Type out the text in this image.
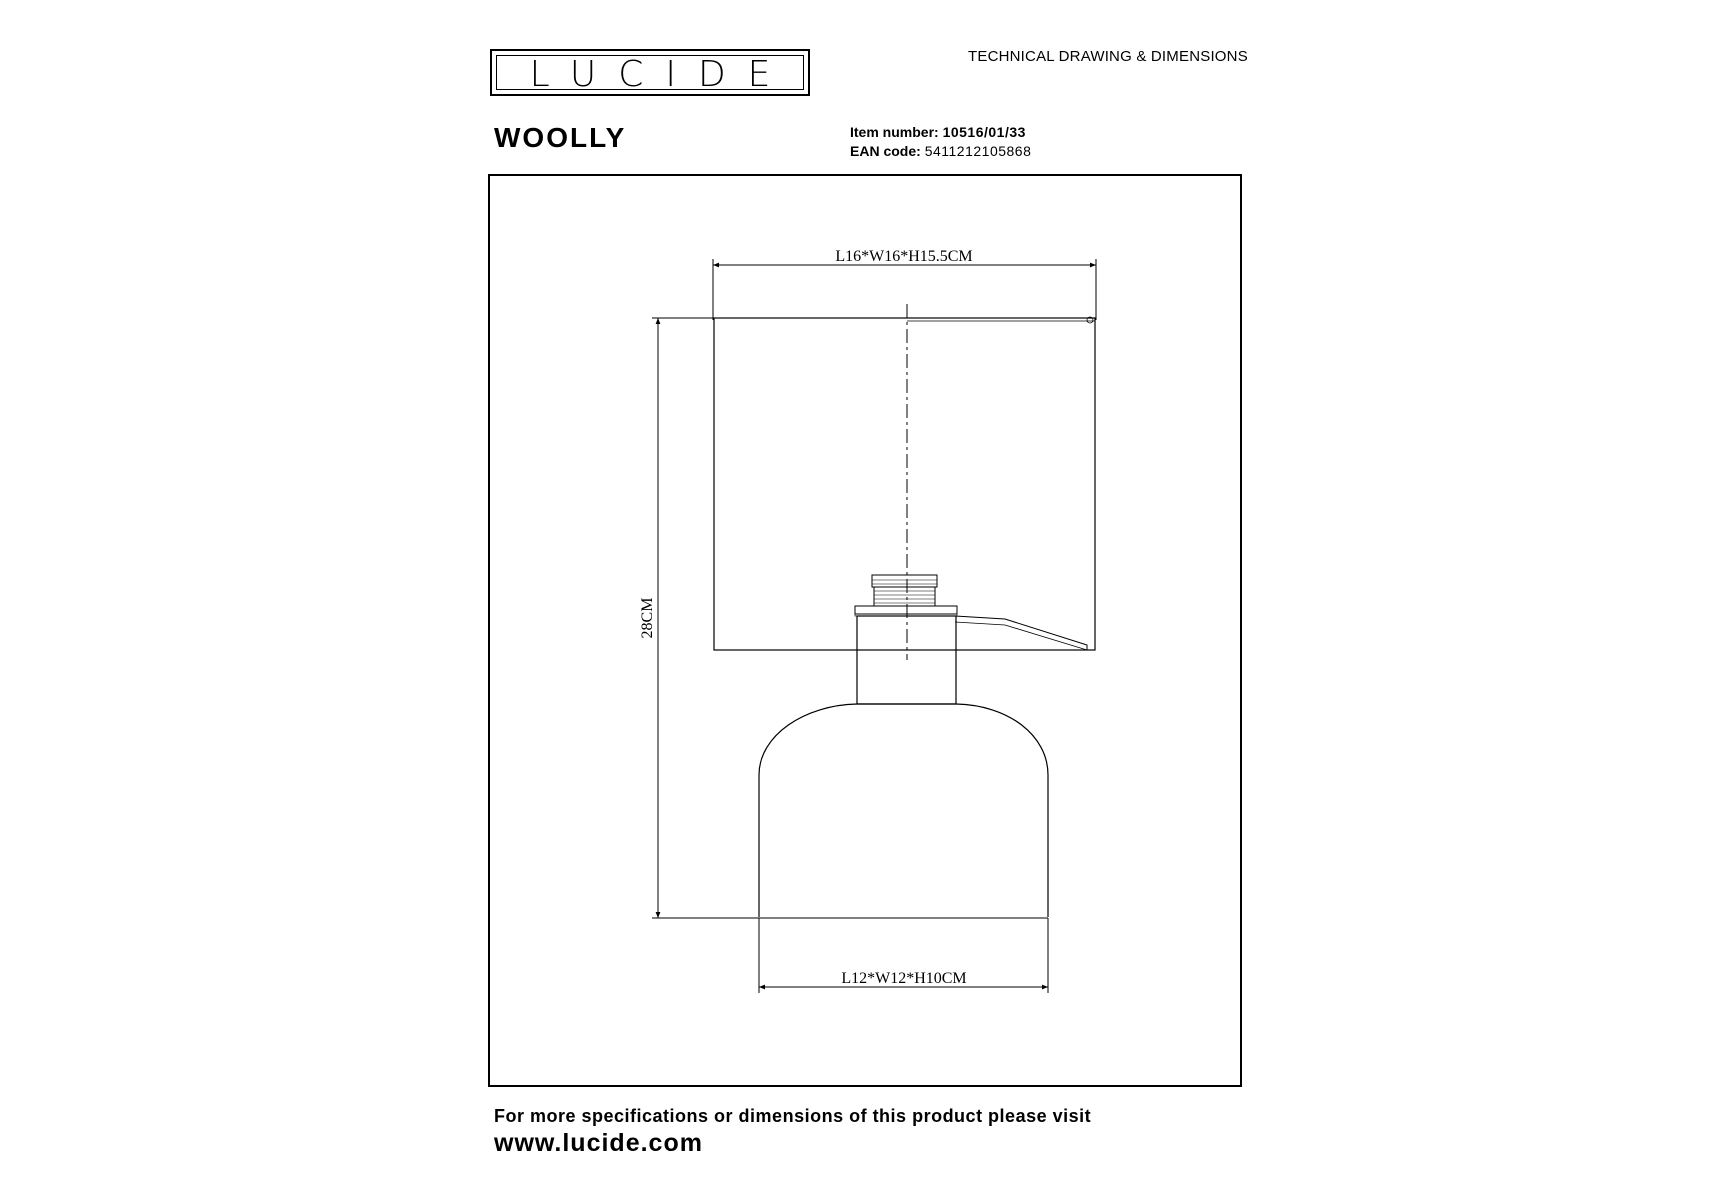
LUCIDE	TECHNICAL DRAWING & DIMENSIONS
WOOLLY	Item number: 10516/01/33
EAN code: 5411212105868
L16*W16*H15.5CM
28CM
L12*W12*H10CM
For more specifications or dimensions of this product please visit
www.lucide.com
